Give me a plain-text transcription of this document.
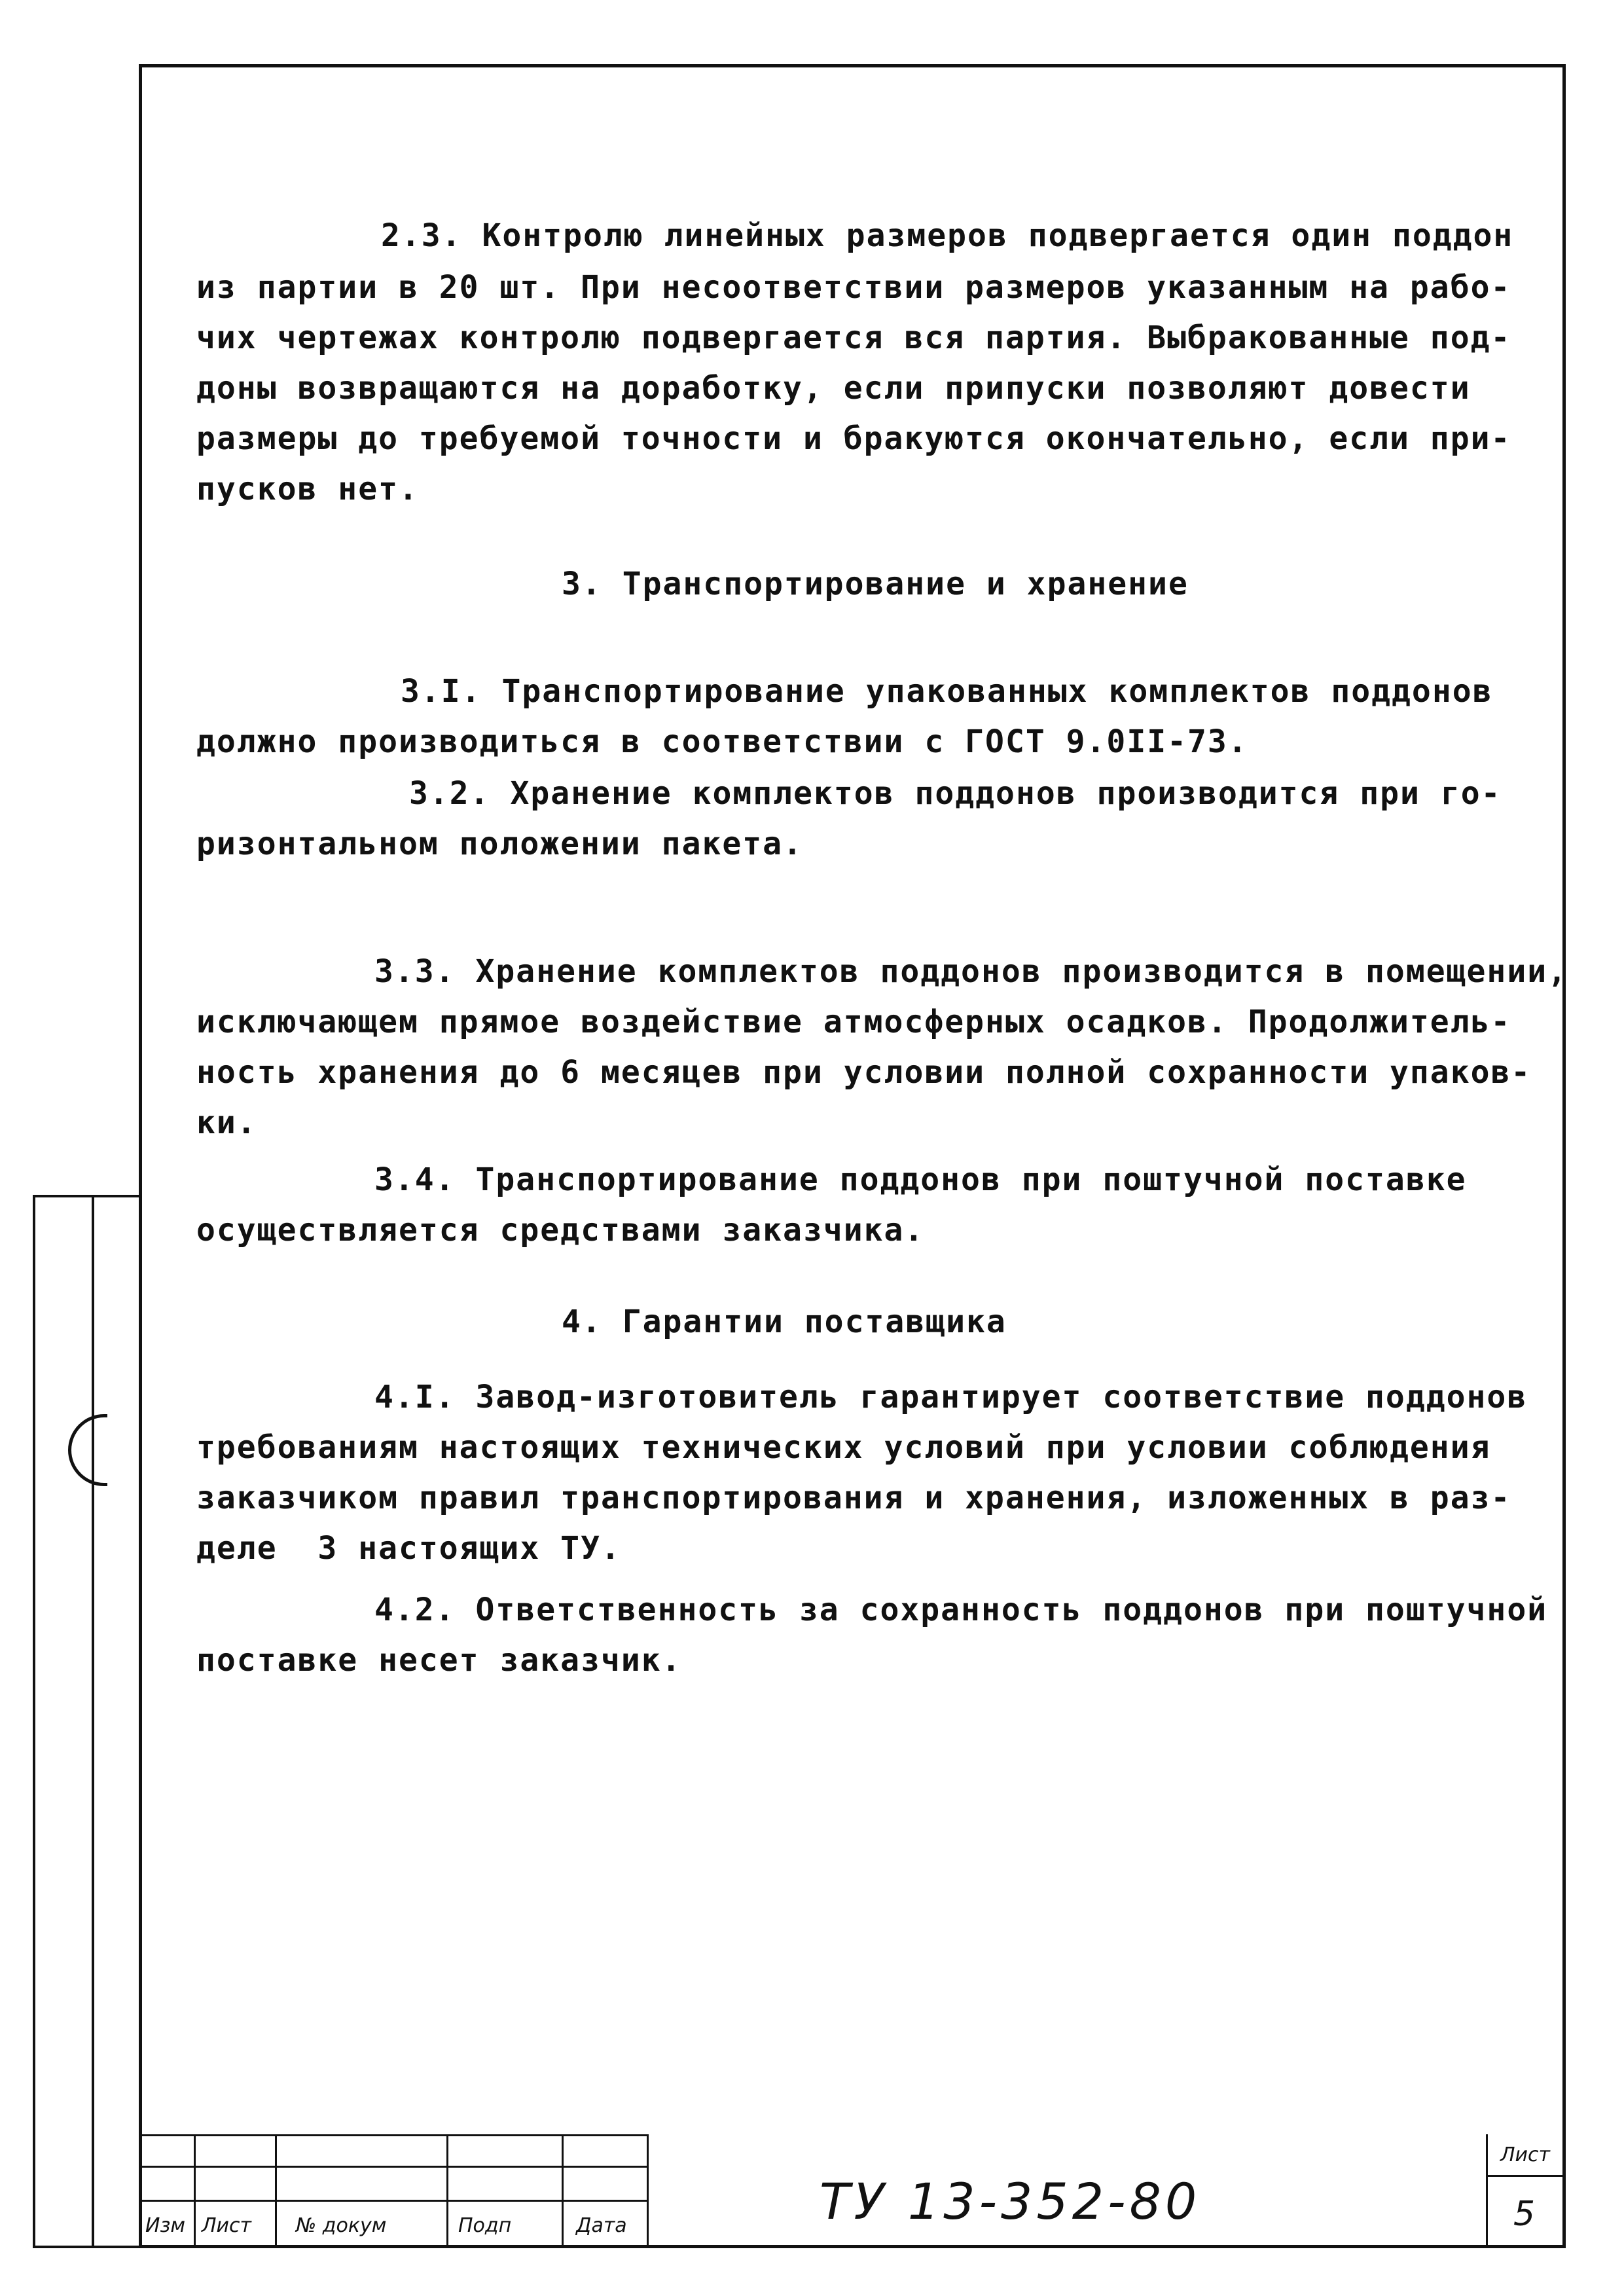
2.3. Контролю линейных размеров подвергается один поддон
из партии в 20 шт. При несоответствии размеров указанным на рабо-
чих чертежах контролю подвергается вся партия. Выбракованные под-
доны возвращаются на доработку, если припуски позволяют довести
размеры до требуемой точности и бракуются окончательно, если при-
пусков нет.
3. Транспортирование и хранение
3.I. Транспортирование упакованных комплектов поддонов
должно производиться в соответствии с ГОСТ 9.0II-73.
3.2. Хранение комплектов поддонов производится при го-
ризонтальном положении пакета.
3.3. Хранение комплектов поддонов производится в помещении,
исключающем прямое воздействие атмосферных осадков. Продолжитель-
ность хранения до 6 месяцев при условии полной сохранности упаков-
ки.
3.4. Транспортирование поддонов при поштучной поставке
осуществляется средствами заказчика.
4. Гарантии поставщика
4.I. Завод-изготовитель гарантирует соответствие поддонов
требованиям настоящих технических условий при условии соблюдения
заказчиком правил транспортирования и хранения, изложенных в раз-
деле  3 настоящих ТУ.
4.2. Ответственность за сохранность поддонов при поштучной
поставке несет заказчик.
Изм Лист № докум	Подп	Дата	ТУ 13-352-80
Лист
5
